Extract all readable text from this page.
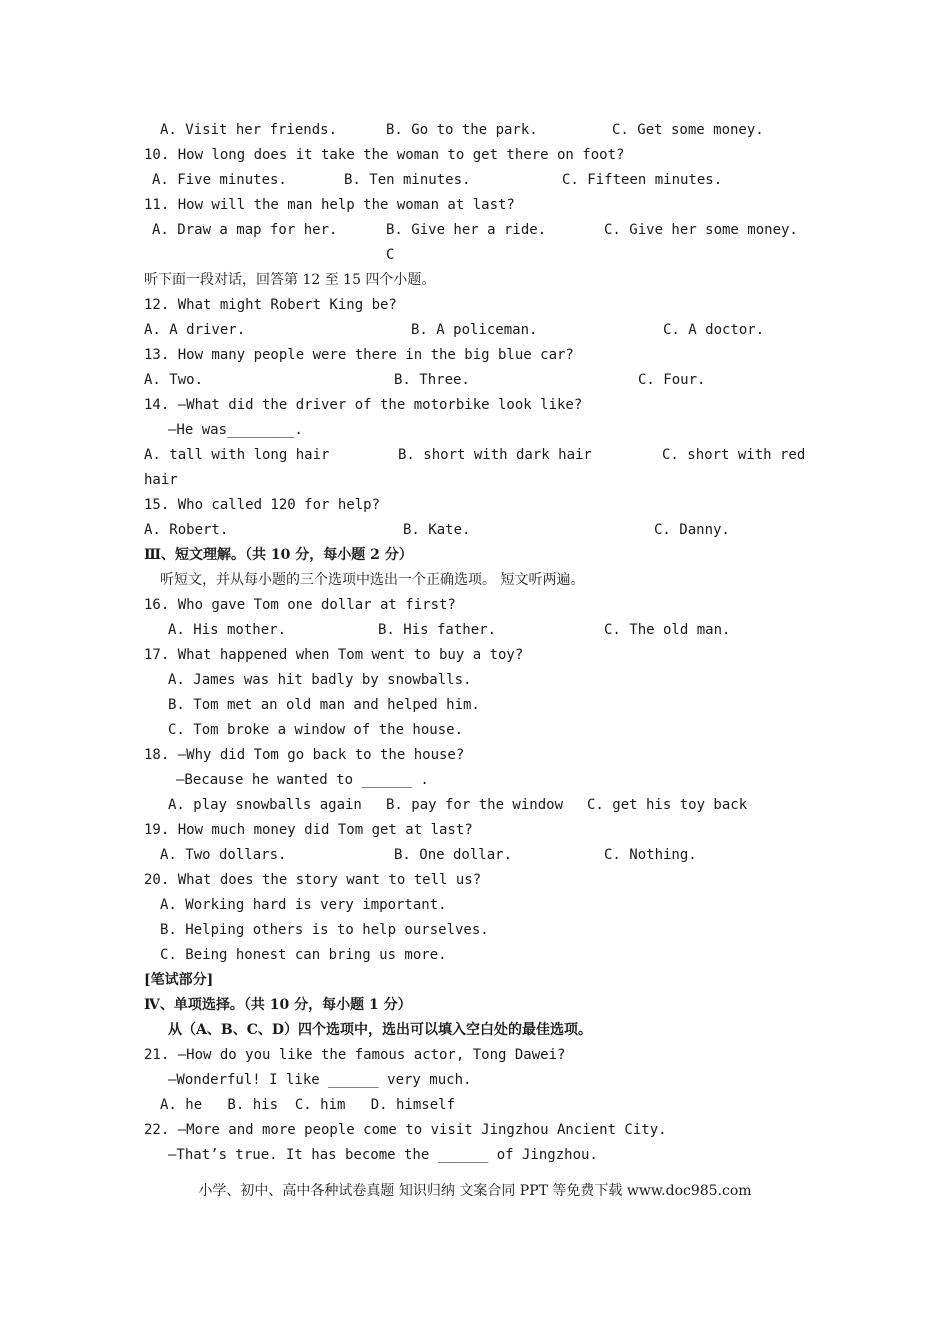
A. Visit her friends.	B. Go to the park.	C. Get some money.
10. How long does it take the woman to get there on foot?
A. Five minutes.	B. Ten minutes.	C. Fifteen minutes.
11. How will the man help the woman at last?
A. Draw a map for her.	B. Give her a ride.	C. Give her some money.
C
听下面一段对话，回答第 12 至 15 四个小题。
12. What might Robert King be?
A. A driver.	B. A policeman.	C. A doctor.
13. How many people were there in the big blue car?
A. Two.	B. Three.	C. Four.
14. —What did the driver of the motorbike look like?
—He was________.
A. tall with long hair	B. short with dark hair	C. short with red
hair
15. Who called 120 for help?
A. Robert.	B. Kate.	C. Danny.
Ⅲ、短文理解。（共 10 分，每小题 2 分）
听短文，并从每小题的三个选项中选出一个正确选项。 短文听两遍。
16. Who gave Tom one dollar at first?
A. His mother.	B. His father.	C. The old man.
17. What happened when Tom went to buy a toy?
A. James was hit badly by snowballs.
B. Tom met an old man and helped him.
C. Tom broke a window of the house.
18. —Why did Tom go back to the house?
—Because he wanted to ______ .
A. play snowballs again B. pay for the window C. get his toy back
19. How much money did Tom get at last?
A. Two dollars.	B. One dollar.	C. Nothing.
20. What does the story want to tell us?
A. Working hard is very important.
B. Helping others is to help ourselves.
C. Being honest can bring us more.
[笔试部分]
Ⅳ、单项选择。（共 10 分，每小题 1 分）
从（A、B、C、D）四个选项中，选出可以填入空白处的最佳选项。
21. —How do you like the famous actor, Tong Dawei?
—Wonderful! I like ______ very much.
A. he   B. his  C. him   D. himself
22. —More and more people come to visit Jingzhou Ancient City.
—That’s true. It has become the ______ of Jingzhou.
小学、初中、高中各种试卷真题 知识归纳 文案合同 PPT 等免费下载 www.doc985.com
